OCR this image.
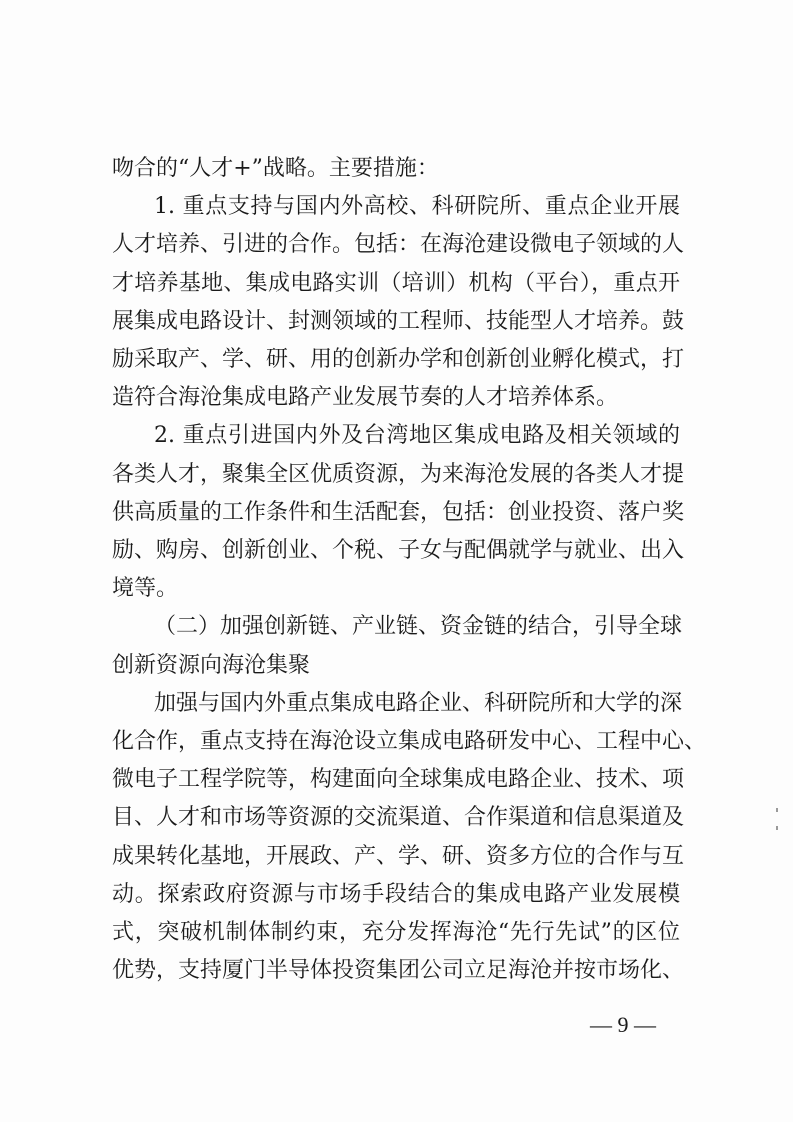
吻合的“人才+”战略。主要措施：
1. 重点支持与国内外高校、科研院所、重点企业开展
人才培养、引进的合作。包括：在海沧建设微电子领域的人
才培养基地、集成电路实训（培训）机构（平台），重点开
展集成电路设计、封测领域的工程师、技能型人才培养。鼓
励采取产、学、研、用的创新办学和创新创业孵化模式，打
造符合海沧集成电路产业发展节奏的人才培养体系。
2. 重点引进国内外及台湾地区集成电路及相关领域的
各类人才，聚集全区优质资源，为来海沧发展的各类人才提
供高质量的工作条件和生活配套，包括：创业投资、落户奖
励、购房、创新创业、个税、子女与配偶就学与就业、出入
境等。
（二）加强创新链、产业链、资金链的结合，引导全球
创新资源向海沧集聚
加强与国内外重点集成电路企业、科研院所和大学的深
化合作，重点支持在海沧设立集成电路研发中心、工程中心、
微电子工程学院等，构建面向全球集成电路企业、技术、项
目、人才和市场等资源的交流渠道、合作渠道和信息渠道及
成果转化基地，开展政、产、学、研、资多方位的合作与互
动。探索政府资源与市场手段结合的集成电路产业发展模
— 9 —
式，突破机制体制约束，充分发挥海沧“先行先试”的区位
优势，支持厦门半导体投资集团公司立足海沧并按市场化、
